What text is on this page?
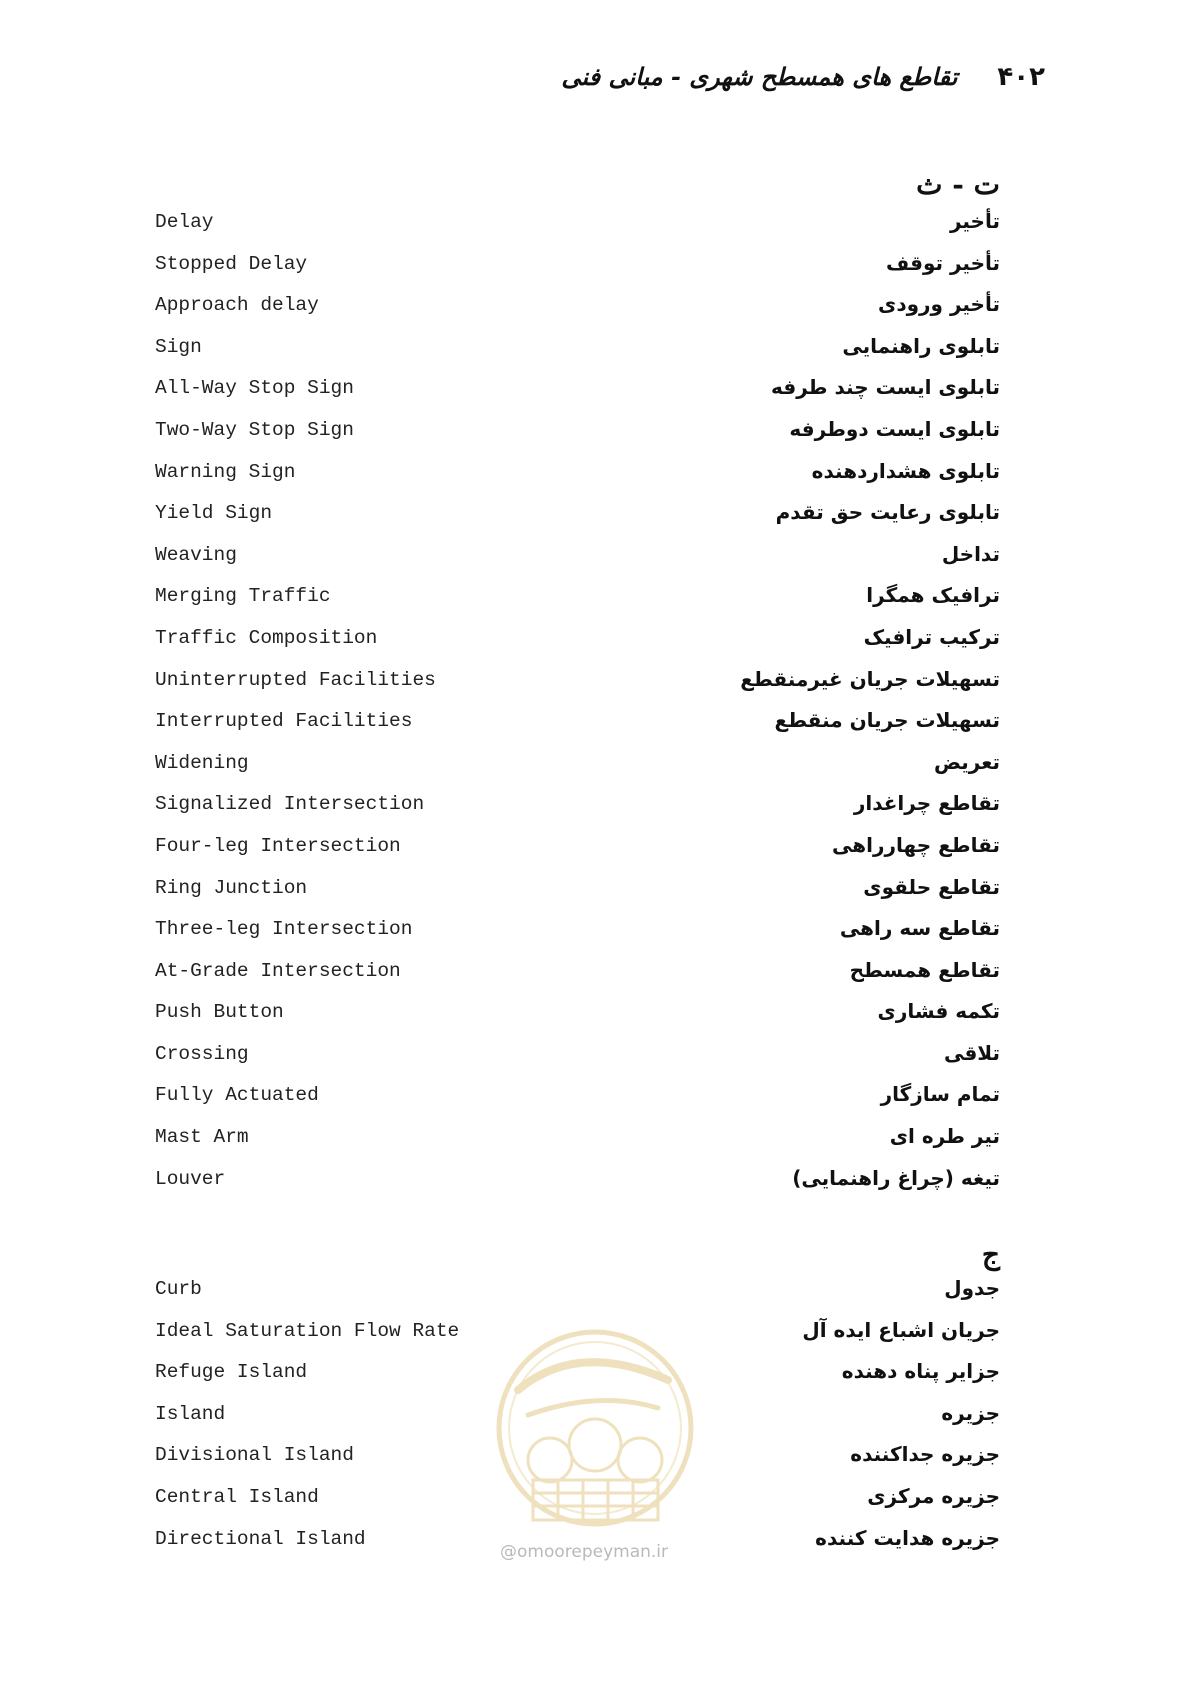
۴۰۲
تقاطع های همسطح شهری - مبانی فنی
ت - ث
Delay	تأخیر
Stopped Delay	تأخیر توقف
Approach delay	تأخیر ورودی
Sign	تابلوی راهنمایی
All-Way Stop Sign	تابلوی ایست چند طرفه
Two-Way Stop Sign	تابلوی ایست دوطرفه
Warning Sign	تابلوی هشداردهنده
Yield Sign	تابلوی رعایت حق تقدم
Weaving	تداخل
Merging Traffic	ترافیک همگرا
Traffic Composition	ترکیب ترافیک
Uninterrupted Facilities	تسهیلات جریان غیرمنقطع
Interrupted Facilities	تسهیلات جریان منقطع
Widening	تعریض
Signalized Intersection	تقاطع چراغدار
Four-leg Intersection	تقاطع چهارراهی
Ring Junction	تقاطع حلقوی
Three-leg Intersection	تقاطع سه راهی
At-Grade Intersection	تقاطع همسطح
Push Button	تکمه فشاری
Crossing	تلاقی
Fully Actuated	تمام سازگار
Mast Arm	تیر طره ای
Louver	تیغه (چراغ راهنمایی)
ج
Curb	جدول
Ideal Saturation Flow Rate	جریان اشباع ایده آل
Refuge Island	جزایر پناه دهنده
Island	جزیره
Divisional Island	جزیره جداکننده
Central Island	جزیره مرکزی
Directional Island	جزیره هدایت کننده
@omoorepeyman.ir
